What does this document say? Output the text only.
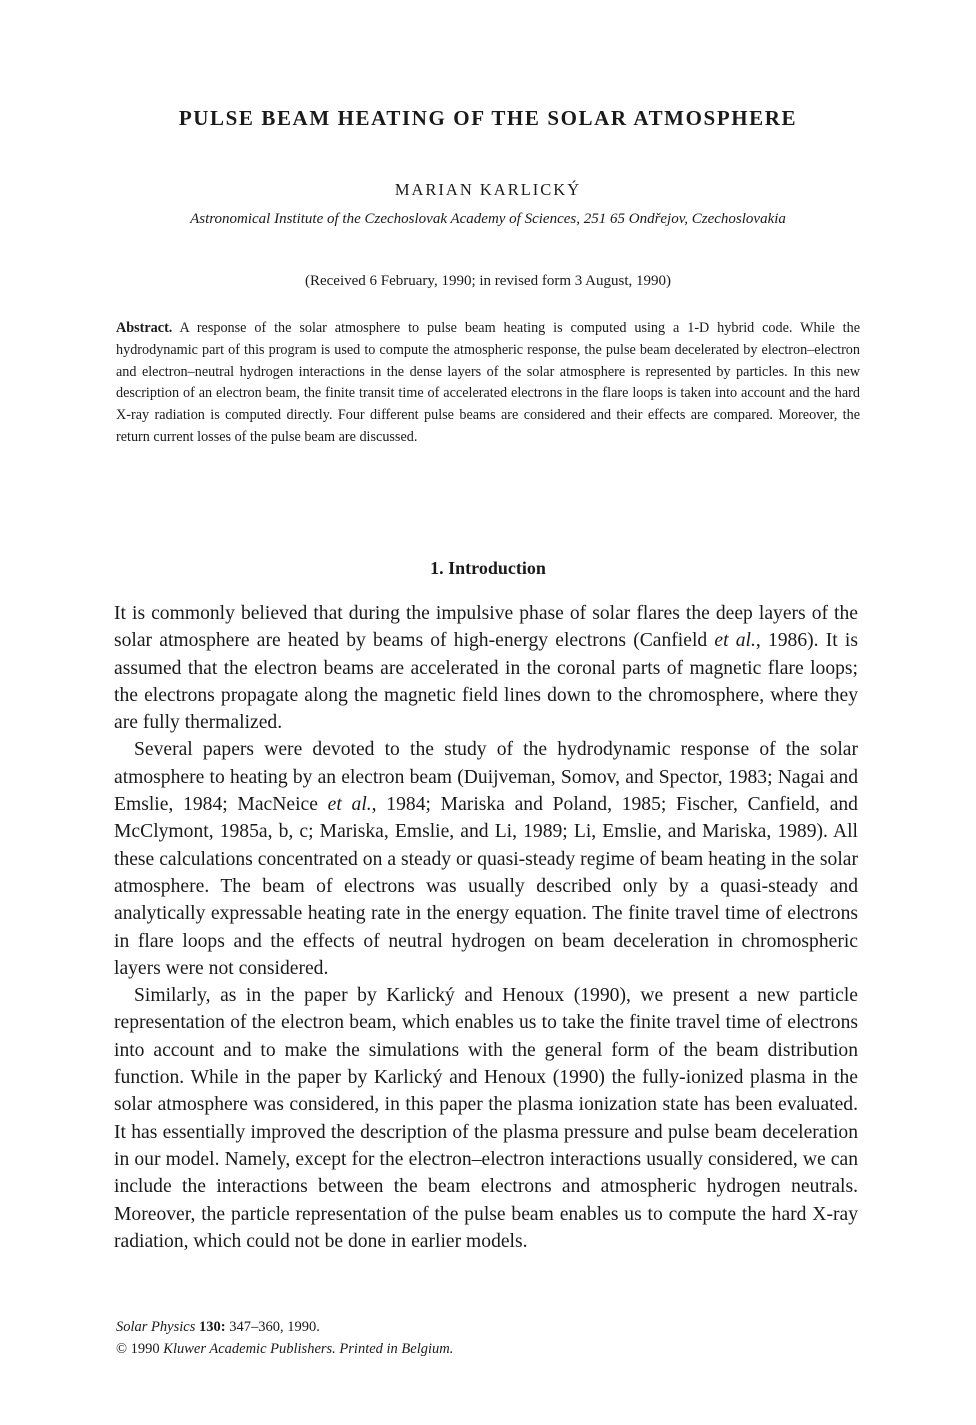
PULSE BEAM HEATING OF THE SOLAR ATMOSPHERE
MARIAN KARLICKÝ
Astronomical Institute of the Czechoslovak Academy of Sciences, 251 65 Ondřejov, Czechoslovakia
(Received 6 February, 1990; in revised form 3 August, 1990)

Abstract. A response of the solar atmosphere to pulse beam heating is computed using a 1-D hybrid code. While the hydrodynamic part of this program is used to compute the atmospheric response, the pulse beam decelerated by electron–electron and electron–neutral hydrogen interactions in the dense layers of the solar atmosphere is represented by particles. In this new description of an electron beam, the finite transit time of accelerated electrons in the flare loops is taken into account and the hard X-ray radiation is computed directly. Four different pulse beams are considered and their effects are compared. Moreover, the return current losses of the pulse beam are discussed.

1. Introduction

It is commonly believed that during the impulsive phase of solar flares the deep layers of the solar atmosphere are heated by beams of high-energy electrons (Canfield et al., 1986). It is assumed that the electron beams are accelerated in the coronal parts of magnetic flare loops; the electrons propagate along the magnetic field lines down to the chromosphere, where they are fully thermalized.

Several papers were devoted to the study of the hydrodynamic response of the solar atmosphere to heating by an electron beam (Duijveman, Somov, and Spector, 1983; Nagai and Emslie, 1984; MacNeice et al., 1984; Mariska and Poland, 1985; Fischer, Canfield, and McClymont, 1985a, b, c; Mariska, Emslie, and Li, 1989; Li, Emslie, and Mariska, 1989). All these calculations concentrated on a steady or quasi-steady regime of beam heating in the solar atmosphere. The beam of electrons was usually described only by a quasi-steady and analytically expressable heating rate in the energy equation. The finite travel time of electrons in flare loops and the effects of neutral hydrogen on beam deceleration in chromospheric layers were not considered.

Similarly, as in the paper by Karlický and Henoux (1990), we present a new particle representation of the electron beam, which enables us to take the finite travel time of electrons into account and to make the simulations with the general form of the beam distribution function. While in the paper by Karlický and Henoux (1990) the fully-ionized plasma in the solar atmosphere was considered, in this paper the plasma ionization state has been evaluated. It has essentially improved the description of the plasma pressure and pulse beam deceleration in our model. Namely, except for the electron–electron interactions usually considered, we can include the interactions between the beam electrons and atmospheric hydrogen neutrals. Moreover, the particle representation of the pulse beam enables us to compute the hard X-ray radiation, which could not be done in earlier models.

Solar Physics 130: 347–360, 1990.
© 1990 Kluwer Academic Publishers. Printed in Belgium.
